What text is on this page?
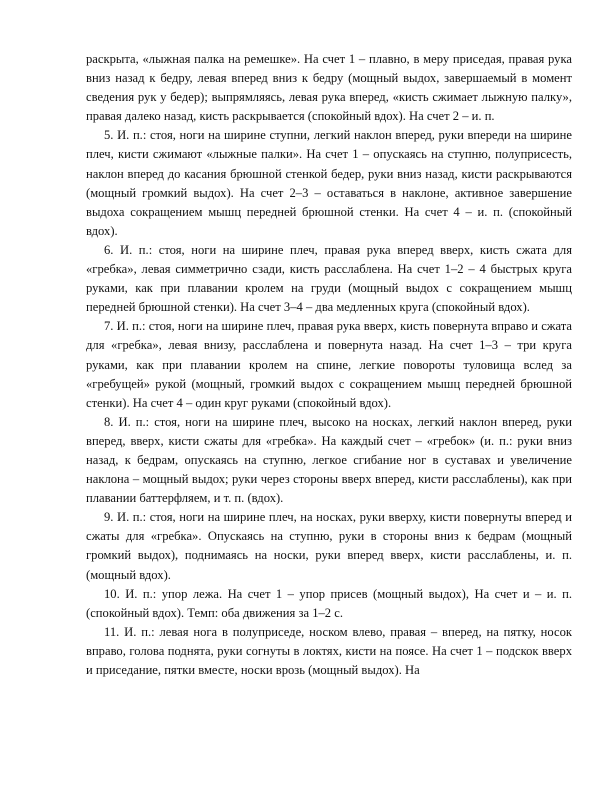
раскрыта, «лыжная палка на ремешке». На счет 1 – плавно, в меру приседая, правая рука вниз назад к бедру, левая вперед вниз к бедру (мощный выдох, завершаемый в момент сведения рук у бедер); выпрямляясь, левая рука вперед, «кисть сжимает лыжную палку», правая далеко назад, кисть раскрывается (спокойный вдох). На счет 2 – и. п.

5. И. п.: стоя, ноги на ширине ступни, легкий наклон вперед, руки впереди на ширине плеч, кисти сжимают «лыжные палки». На счет 1 – опускаясь на ступню, полуприсесть, наклон вперед до касания брюшной стенкой бедер, руки вниз назад, кисти раскрываются (мощный громкий выдох). На счет 2–3 – оставаться в наклоне, активное завершение выдоха сокращением мышц передней брюшной стенки. На счет 4 – и. п. (спокойный вдох).

6. И. п.: стоя, ноги на ширине плеч, правая рука вперед вверх, кисть сжата для «гребка», левая симметрично сзади, кисть расслаблена. На счет 1–2 – 4 быстрых круга руками, как при плавании кролем на груди (мощный выдох с сокращением мышц передней брюшной стенки). На счет 3–4 – два медленных круга (спокойный вдох).

7. И. п.: стоя, ноги на ширине плеч, правая рука вверх, кисть повернута вправо и сжата для «гребка», левая внизу, расслаблена и повернута назад. На счет 1–3 – три круга руками, как при плавании кролем на спине, легкие повороты туловища вслед за «гребущей» рукой (мощный, громкий выдох с сокращением мышц передней брюшной стенки). На счет 4 – один круг руками (спокойный вдох).

8. И. п.: стоя, ноги на ширине плеч, высоко на носках, легкий наклон вперед, руки вперед, вверх, кисти сжаты для «гребка». На каждый счет – «гребок» (и. п.: руки вниз назад, к бедрам, опускаясь на ступню, легкое сгибание ног в суставах и увеличение наклона – мощный выдох; руки через стороны вверх вперед, кисти расслаблены), как при плавании баттерфляем, и т. п. (вдох).

9. И. п.: стоя, ноги на ширине плеч, на носках, руки вверху, кисти повернуты вперед и сжаты для «гребка». Опускаясь на ступню, руки в стороны вниз к бедрам (мощный громкий выдох), поднимаясь на носки, руки вперед вверх, кисти расслаблены, и. п. (мощный вдох).

10. И. п.: упор лежа. На счет 1 – упор присев (мощный выдох), На счет и – и. п. (спокойный вдох). Темп: оба движения за 1–2 с.

11. И. п.: левая нога в полуприседе, носком влево, правая – вперед, на пятку, носок вправо, голова поднята, руки согнуты в локтях, кисти на поясе. На счет 1 – подскок вверх и приседание, пятки вместе, носки врозь (мощный выдох). На
